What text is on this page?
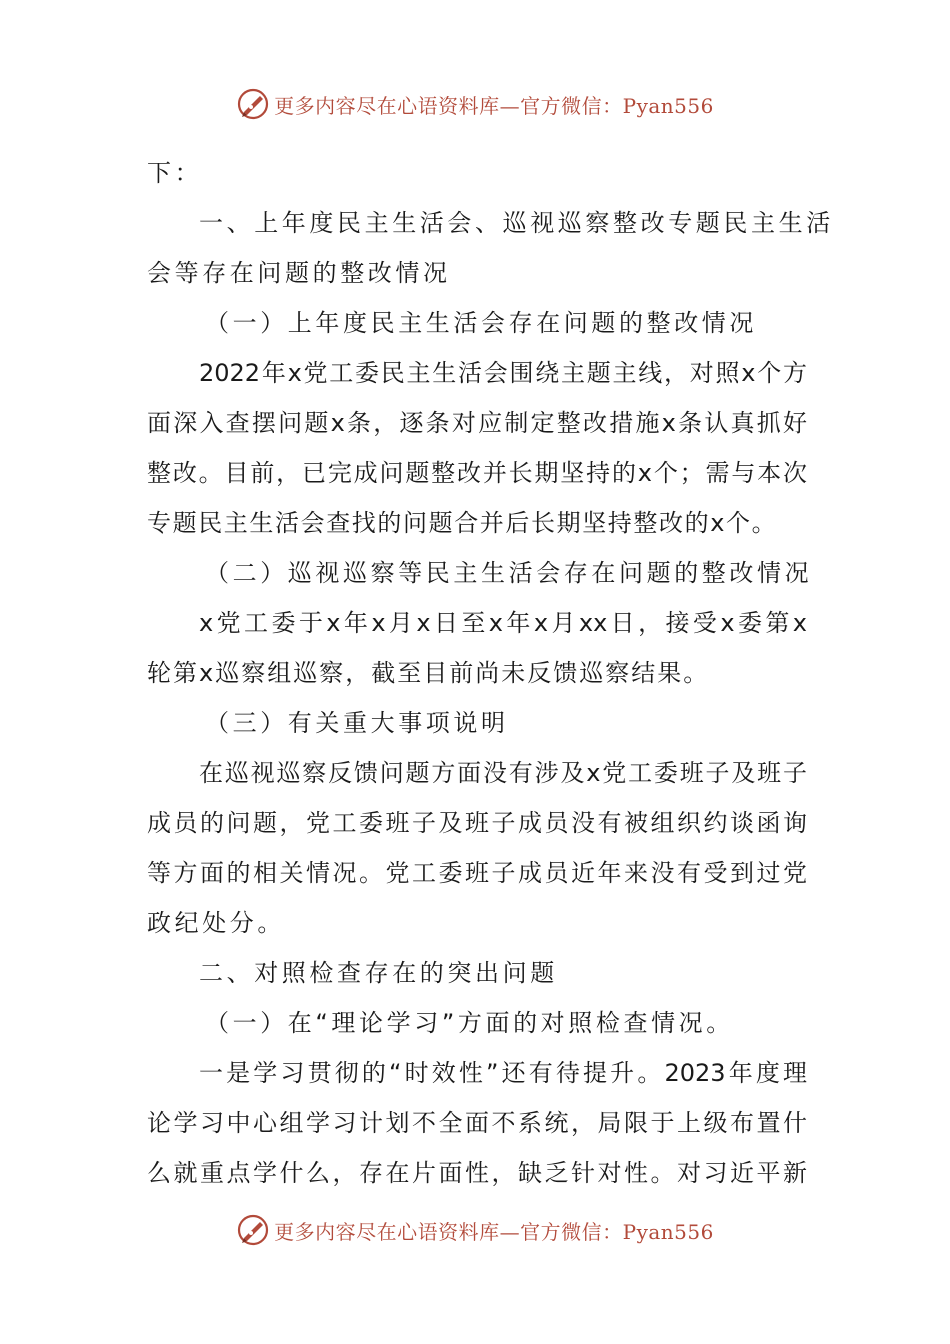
更多内容尽在心语资料库—官方微信：Pyan556
下：
一、上年度民主生活会、巡视巡察整改专题民主生活
会等存在问题的整改情况
（一）上年度民主生活会存在问题的整改情况
2022年x党工委民主生活会围绕主题主线，对照x个方
面深入查摆问题x条，逐条对应制定整改措施x条认真抓好
整改。目前，已完成问题整改并长期坚持的x个；需与本次
专题民主生活会查找的问题合并后长期坚持整改的x个。
（二）巡视巡察等民主生活会存在问题的整改情况
x党工委于x年x月x日至x年x月xx日，接受x委第x
轮第x巡察组巡察，截至目前尚未反馈巡察结果。
（三）有关重大事项说明
在巡视巡察反馈问题方面没有涉及x党工委班子及班子
成员的问题，党工委班子及班子成员没有被组织约谈函询
等方面的相关情况。党工委班子成员近年来没有受到过党
政纪处分。
二、对照检查存在的突出问题
（一）在“理论学习”方面的对照检查情况。
一是学习贯彻的“时效性”还有待提升。2023年度理
论学习中心组学习计划不全面不系统，局限于上级布置什
么就重点学什么，存在片面性，缺乏针对性。对习近平新
更多内容尽在心语资料库—官方微信：Pyan556
